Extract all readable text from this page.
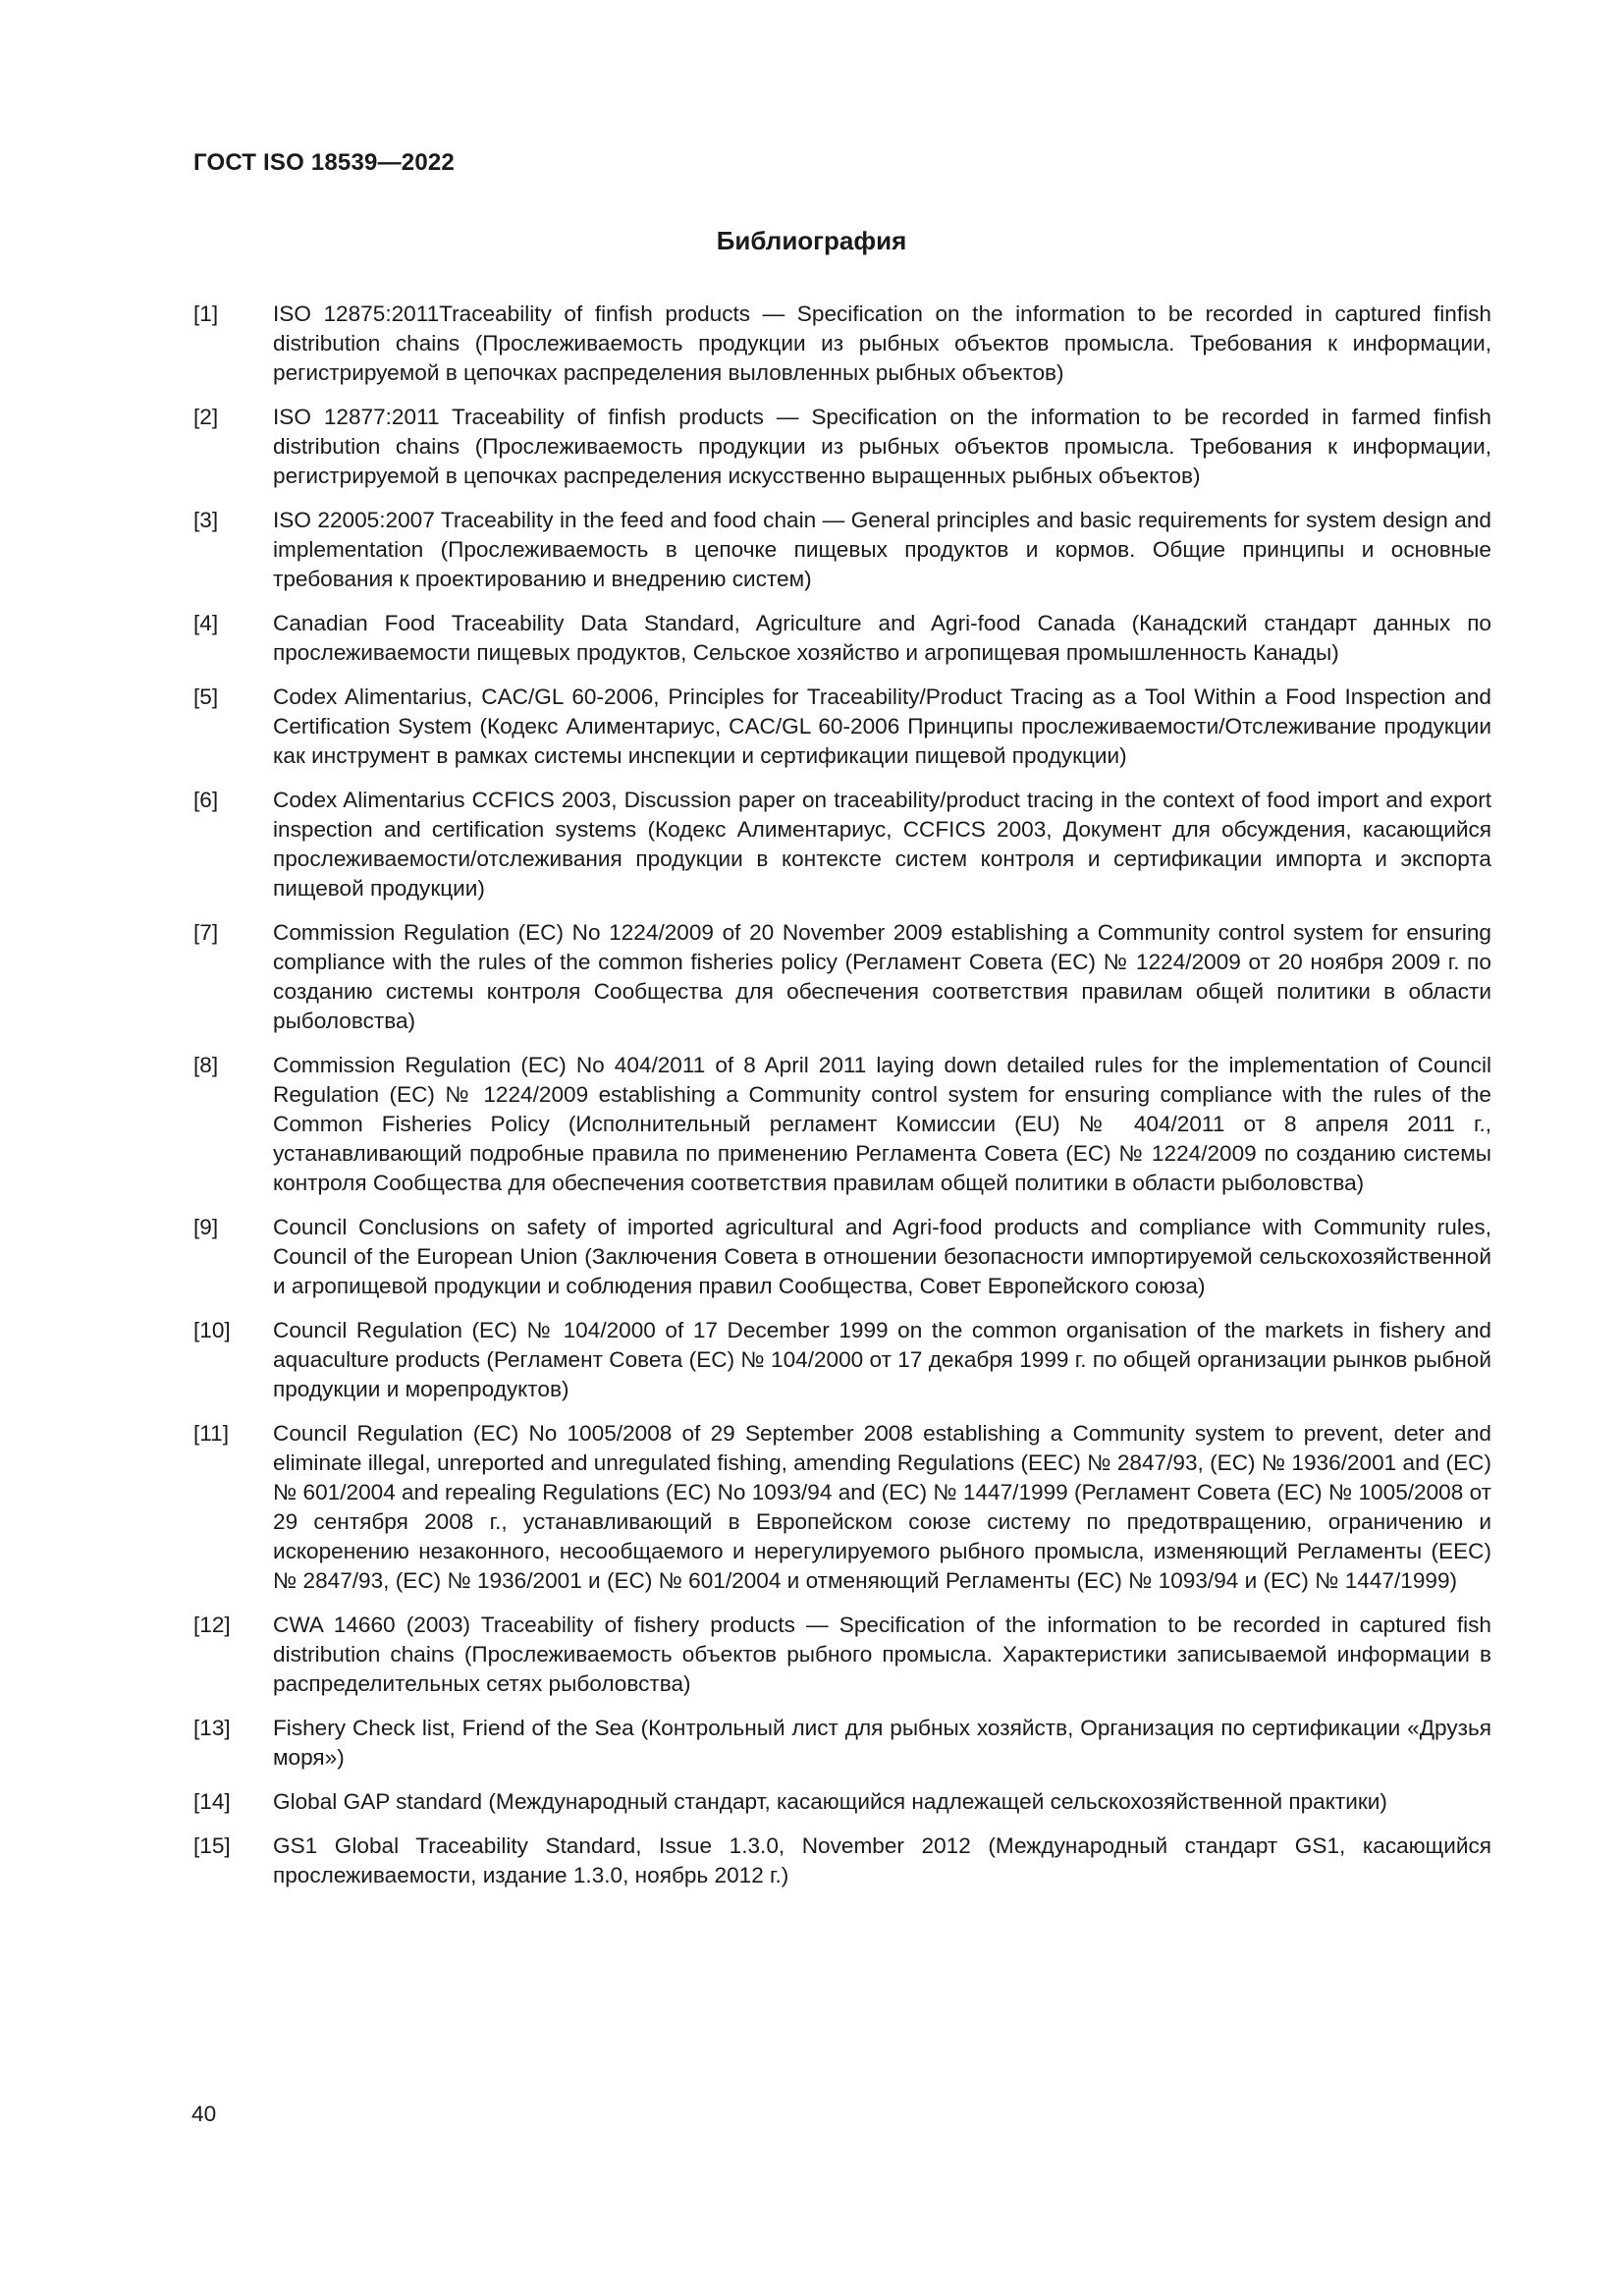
ГОСТ ISO 18539—2022
Библиография
[1]	ISO 12875:2011Traceability of finfish products — Specification on the information to be recorded in captured finfish distribution chains (Прослеживаемость продукции из рыбных объектов промысла. Требования к информации, регистрируемой в цепочках распределения выловленных рыбных объектов)
[2]	ISO 12877:2011 Traceability of finfish products — Specification on the information to be recorded in farmed finfish distribution chains (Прослеживаемость продукции из рыбных объектов промысла. Требования к информации, регистрируемой в цепочках распределения искусственно выращенных рыбных объектов)
[3]	ISO 22005:2007 Traceability in the feed and food chain — General principles and basic requirements for system design and implementation (Прослеживаемость в цепочке пищевых продуктов и кормов. Общие принципы и основные требования к проектированию и внедрению систем)
[4]	Canadian Food Traceability Data Standard, Agriculture and Agri-food Canada (Канадский стандарт данных по прослеживаемости пищевых продуктов, Сельское хозяйство и агропищевая промышленность Канады)
[5]	Codex Alimentarius, CAC/GL 60-2006, Principles for Traceability/Product Tracing as a Tool Within a Food Inspection and Certification System (Кодекс Алиментариус, CAC/GL 60-2006 Принципы прослеживаемости/Отслеживание продукции как инструмент в рамках системы инспекции и сертификации пищевой продукции)
[6]	Codex Alimentarius CCFICS 2003, Discussion paper on traceability/product tracing in the context of food import and export inspection and certification systems (Кодекс Алиментариус, CCFICS 2003, Документ для обсуждения, касающийся прослеживаемости/отслеживания продукции в контексте систем контроля и сертификации импорта и экспорта пищевой продукции)
[7]	Commission Regulation (EC) No 1224/2009 of 20 November 2009 establishing a Community control system for ensuring compliance with the rules of the common fisheries policy (Регламент Совета (ЕС) № 1224/2009 от 20 ноября 2009 г. по созданию системы контроля Сообщества для обеспечения соответствия правилам общей политики в области рыболовства)
[8]	Commission Regulation (EC) No 404/2011 of 8 April 2011 laying down detailed rules for the implementation of Council Regulation (EC) № 1224/2009 establishing a Community control system for ensuring compliance with the rules of the Common Fisheries Policy (Исполнительный регламент Комиссии (EU) № 404/2011 от 8 апреля 2011 г., устанавливающий подробные правила по применению Регламента Совета (ЕС) № 1224/2009 по созданию системы контроля Сообщества для обеспечения соответствия правилам общей политики в области рыболовства)
[9]	Council Conclusions on safety of imported agricultural and Agri-food products and compliance with Community rules, Council of the European Union (Заключения Совета в отношении безопасности импортируемой сельскохозяйственной и агропищевой продукции и соблюдения правил Сообщества, Совет Европейского союза)
[10]	Council Regulation (EC) № 104/2000 of 17 December 1999 on the common organisation of the markets in fishery and aquaculture products (Регламент Совета (ЕС) № 104/2000 от 17 декабря 1999 г. по общей организации рынков рыбной продукции и морепродуктов)
[11]	Council Regulation (EC) No 1005/2008 of 29 September 2008 establishing a Community system to prevent, deter and eliminate illegal, unreported and unregulated fishing, amending Regulations (EEC) № 2847/93, (EC) № 1936/2001 and (EC) № 601/2004 and repealing Regulations (EC) No 1093/94 and (EC) № 1447/1999 (Регламент Совета (ЕС) № 1005/2008 от 29 сентября 2008 г., устанавливающий в Европейском союзе систему по предотвращению, ограничению и искоренению незаконного, несообщаемого и нерегулируемого рыбного промысла, изменяющий Регламенты (ЕЕС) № 2847/93, (ЕС) № 1936/2001 и (ЕС) № 601/2004 и отменяющий Регламенты (ЕС) № 1093/94 и (ЕС) № 1447/1999)
[12]	CWA 14660 (2003) Traceability of fishery products — Specification of the information to be recorded in captured fish distribution chains (Прослеживаемость объектов рыбного промысла. Характеристики записываемой информации в распределительных сетях рыболовства)
[13]	Fishery Check list, Friend of the Sea (Контрольный лист для рыбных хозяйств, Организация по сертификации «Друзья моря»)
[14]	Global GAP standard (Международный стандарт, касающийся надлежащей сельскохозяйственной практики)
[15]	GS1 Global Traceability Standard, Issue 1.3.0, November 2012 (Международный стандарт GS1, касающийся прослеживаемости, издание 1.3.0, ноябрь 2012 г.)
40
